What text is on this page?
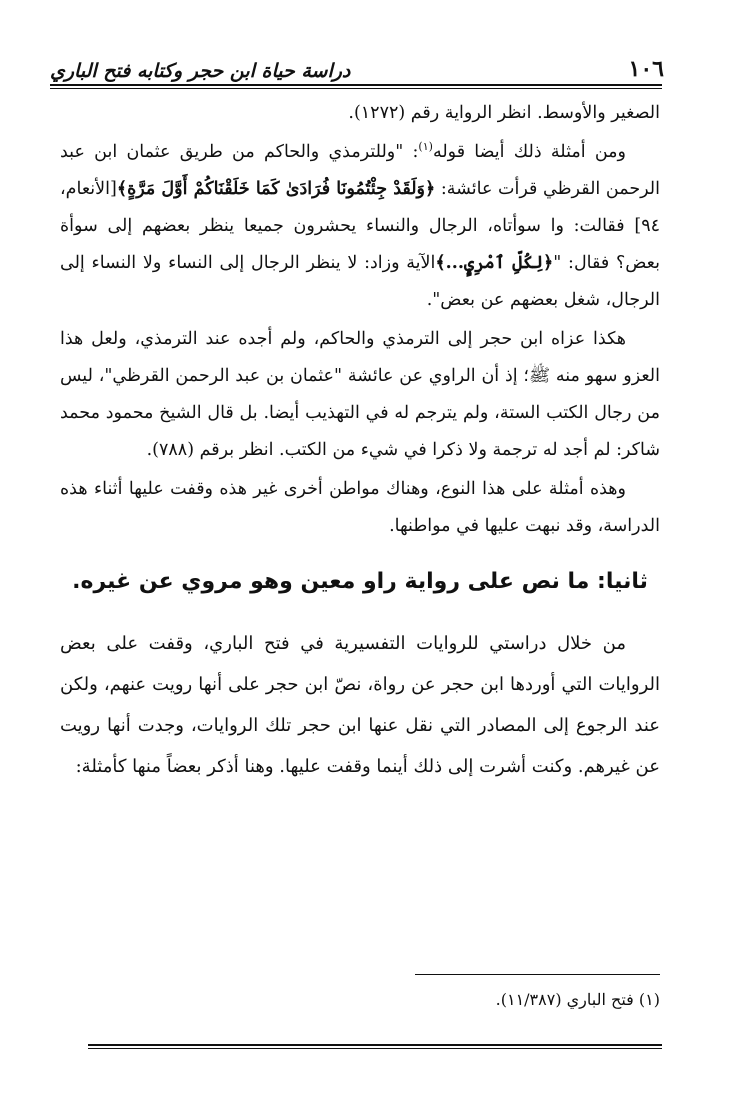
١٠٦
دراسة حياة ابن حجر وكتابه فتح الباري

الصغير والأوسط. انظر الرواية رقم (١٢٧٢).

ومن أمثلة ذلك أيضا قوله$^{(١)}$: "وللترمذي والحاكم من طريق عثمان ابن عبد الرحمن القرظي قرأت عائشة: ﴿وَلَقَدْ جِئْتُمُونَا فُرَادَىٰ كَمَا خَلَقْنَاكُمْ أَوَّلَ مَرَّةٍ﴾[الأنعام، ٩٤] فقالت: وا سوأتاه، الرجال والنساء يحشرون جميعا ينظر بعضهم إلى سوأة بعض؟ فقال: "﴿لِكُلِّ ٱمْرِيٍٕ...﴾الآية وزاد: لا ينظر الرجال إلى النساء ولا النساء إلى الرجال، شغل بعضهم عن بعض".

هكذا عزاه ابن حجر إلى الترمذي والحاكم، ولم أجده عند الترمذي، ولعل هذا العزو سهو منه ﷺ؛ إذ أن الراوي عن عائشة "عثمان بن عبد الرحمن القرظي"، ليس من رجال الكتب الستة، ولم يترجم له في التهذيب أيضا. بل قال الشيخ محمود محمد شاكر: لم أجد له ترجمة ولا ذكرا في شيء من الكتب. انظر برقم (٧٨٨).

وهذه أمثلة على هذا النوع، وهناك مواطن أخرى غير هذه وقفت عليها أثناء هذه الدراسة، وقد نبهت عليها في مواطنها.

ثانيا: ما نص على رواية راو معين وهو مروي عن غيره.

من خلال دراستي للروايات التفسيرية في فتح الباري، وقفت على بعض الروايات التي أوردها ابن حجر عن رواة، نصّ ابن حجر على أنها رويت عنهم، ولكن عند الرجوع إلى المصادر التي نقل عنها ابن حجر تلك الروايات، وجدت أنها رويت عن غيرهم. وكنت أشرت إلى ذلك أينما وقفت عليها. وهنا أذكر بعضاً منها كأمثلة:

(١) فتح الباري (١١/٣٨٧).
